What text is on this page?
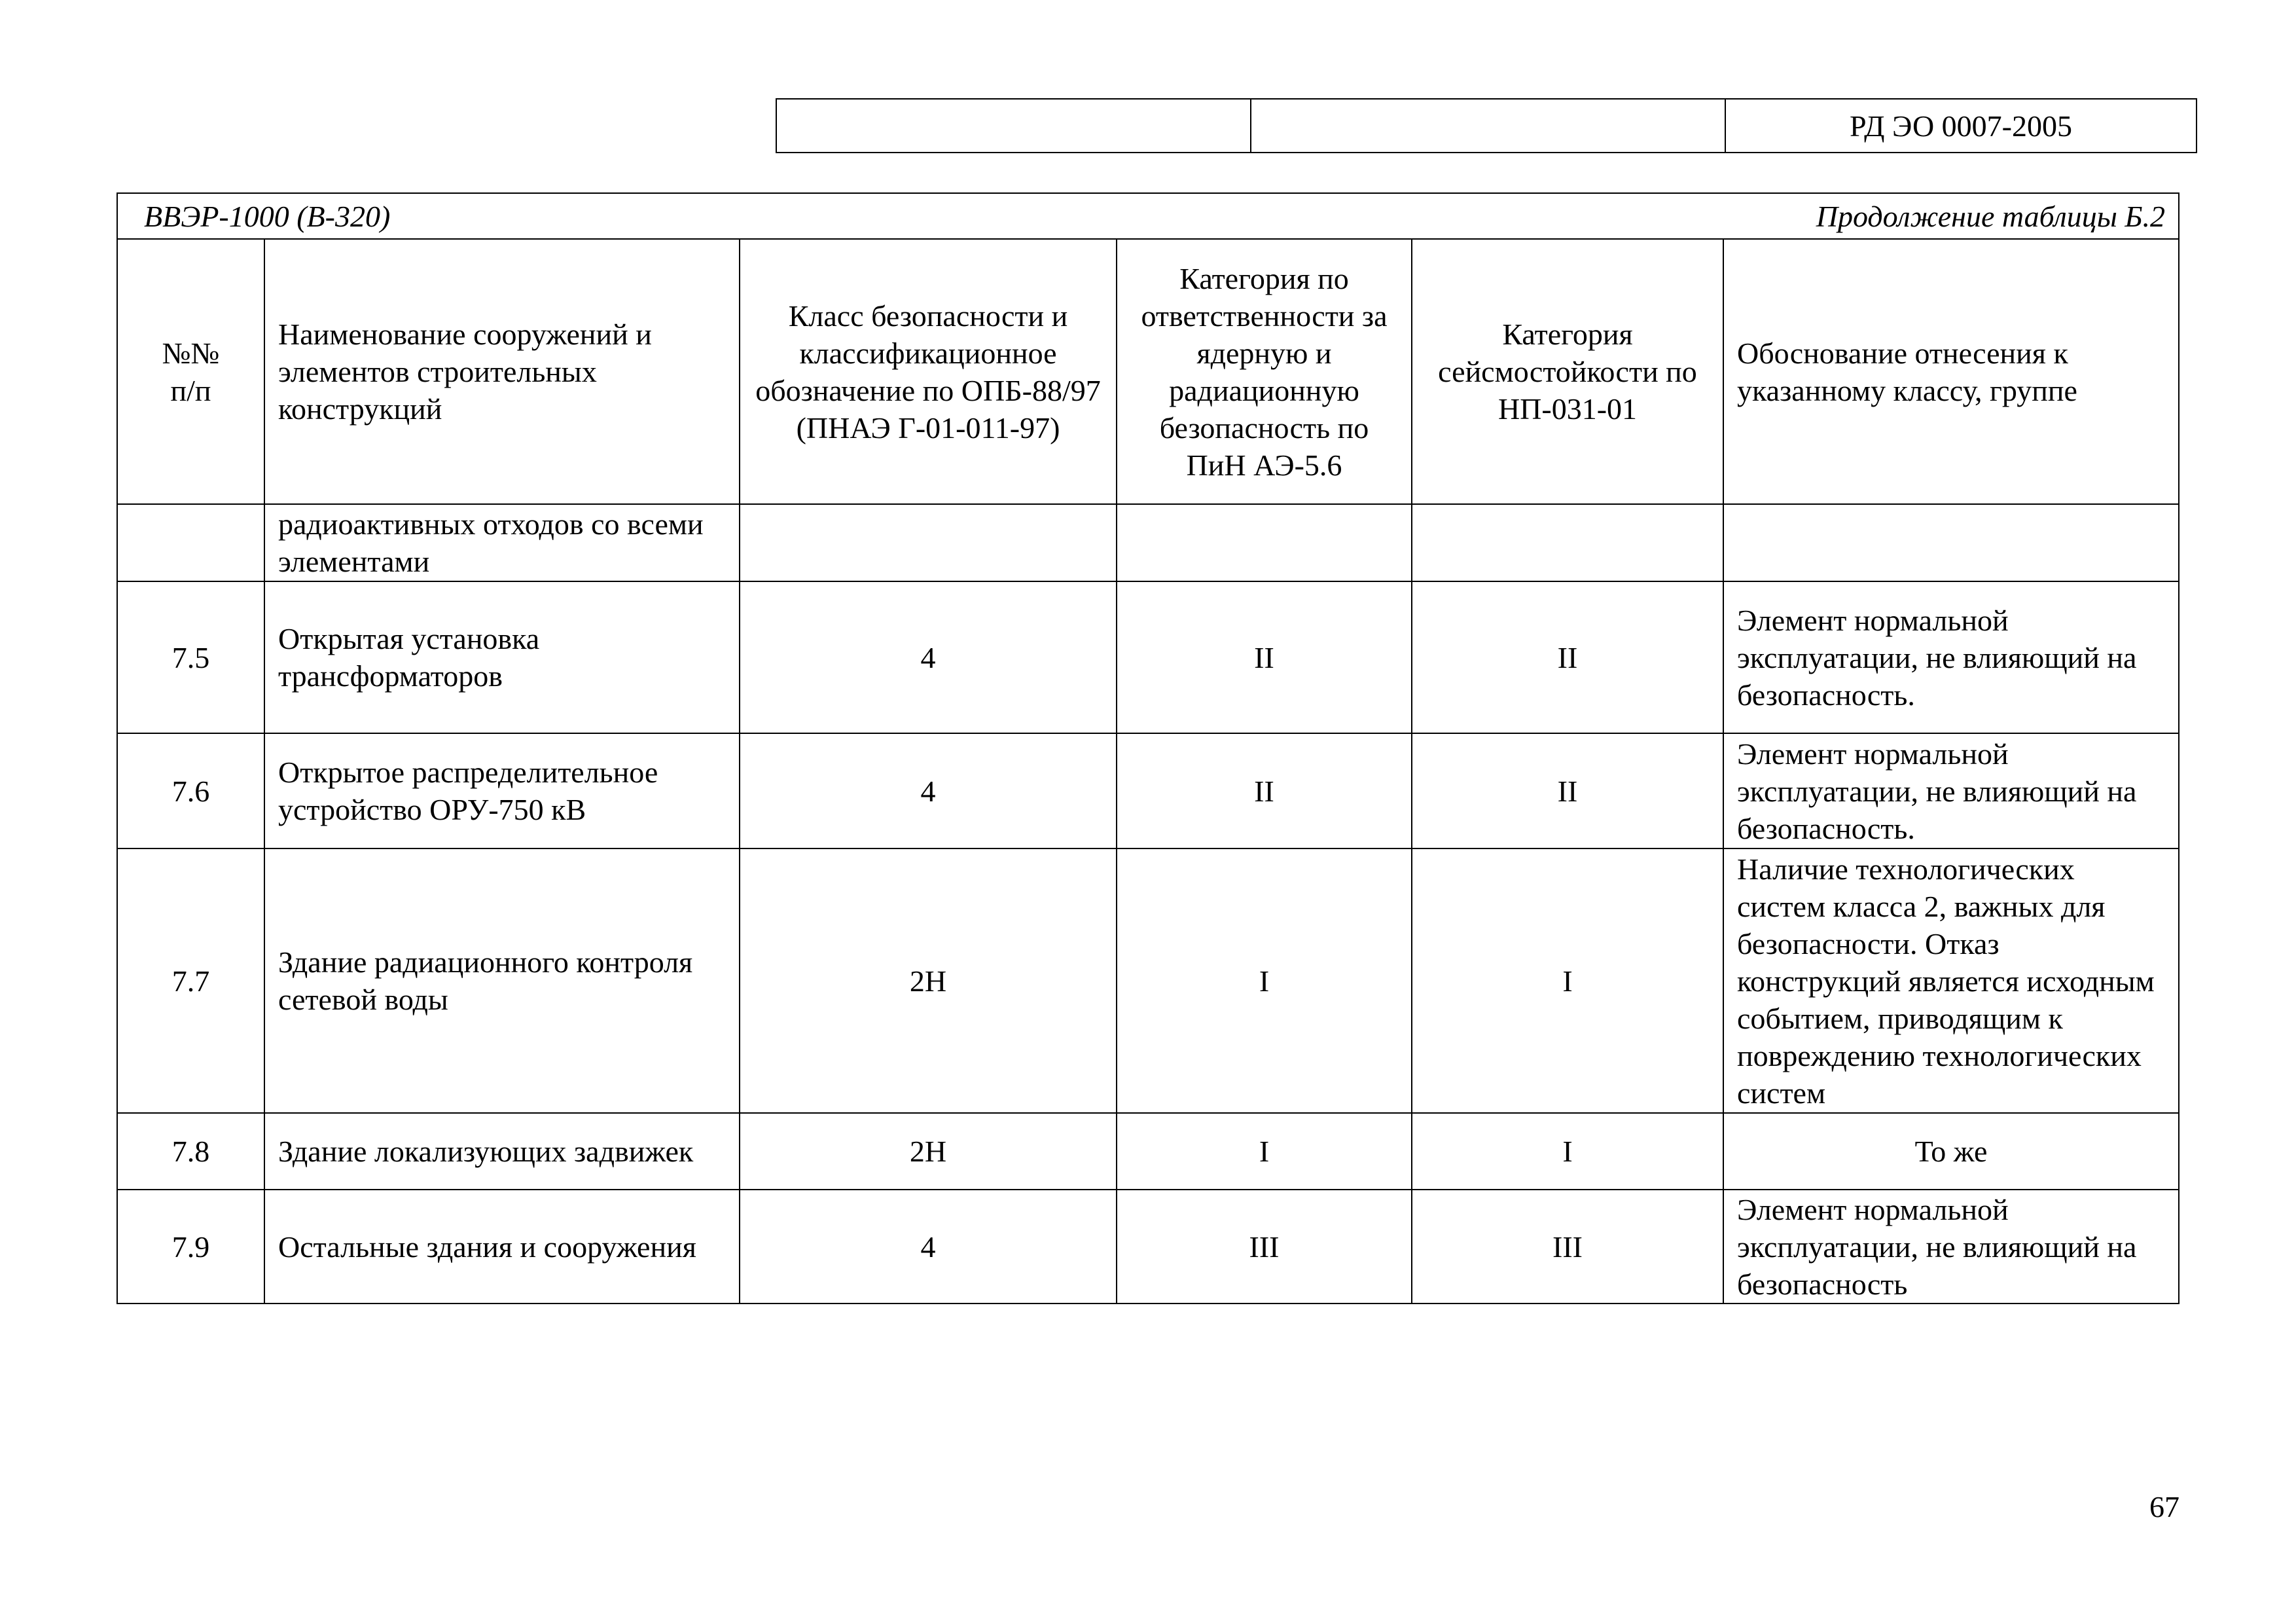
		РД ЭО 0007-2005
ВВЭР-1000 (В-320) Продолжение таблицы Б.2					

№№ п/п	Наименование сооружений и элементов строительных конструкций	Класс безопасности и классификационное обозначение по ОПБ-88/97 (ПНАЭ Г-01-011-97)	Категория по ответственности за ядерную и радиационную безопасность по ПиН АЭ-5.6	Категория сейсмостойкости по НП-031-01	Обоснование отнесения к указанному классу, группе
	радиоактивных отходов со всеми элементами				
7.5	Открытая установка трансформаторов	4	II	II	Элемент нормальной эксплуатации, не влияющий на безопасность.
7.6	Открытое распределительное устройство ОРУ-750 кВ	4	II	II	Элемент нормальной эксплуатации, не влияющий на безопасность.
7.7	Здание радиационного контроля сетевой воды	2Н	I	I	Наличие технологических систем класса 2, важных для безопасности. Отказ конструкций является исходным событием, приводящим к повреждению технологических систем
7.8	Здание локализующих задвижек	2Н	I	I	То же
7.9	Остальные здания и сооружения	4	III	III	Элемент нормальной эксплуатации, не влияющий на безопасность
67
